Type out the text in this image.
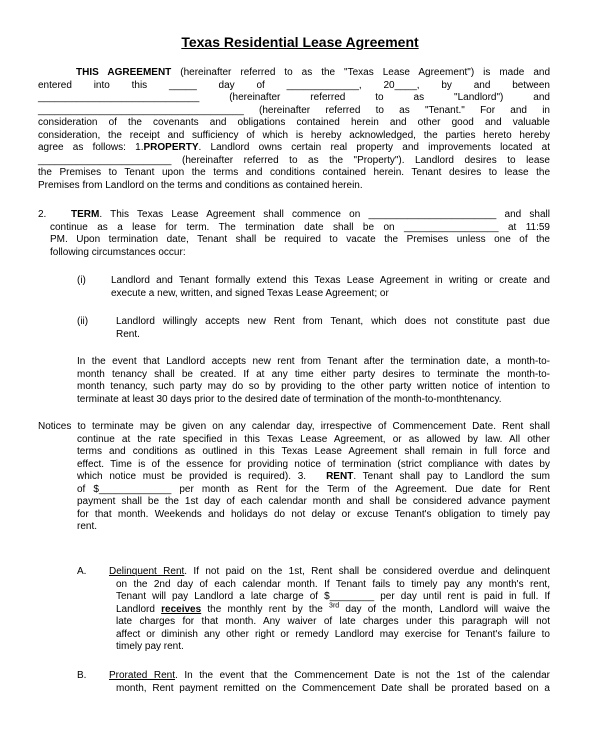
Texas Residential Lease Agreement
THIS AGREEMENT (hereinafter referred to as the "Texas Lease Agreement") is made and
entered into this _____ day of _____________, 20____, by and between
_____________________________ (hereinafter referred to as "Landlord") and
_____________________________________ (hereinafter referred to as "Tenant." For and in
consideration of the covenants and obligations contained herein and other good and valuable
consideration, the receipt and sufficiency of which is hereby acknowledged, the parties hereto hereby
agree as follows: 1.PROPERTY. Landlord owns certain real property and improvements located at
________________________ (hereinafter referred to as the "Property"). Landlord desires to lease
the Premises to Tenant upon the terms and conditions contained herein. Tenant desires to lease the
Premises from Landlord on the terms and conditions as contained herein.
2.	TERM. This Texas Lease Agreement shall commence on _______________________ and shall
continue as a lease for term. The termination date shall be on _________________ at 11:59
PM. Upon termination date, Tenant shall be required to vacate the Premises unless one of the
following circumstances occur:
(i)	Landlord and Tenant formally extend this Texas Lease Agreement in writing or create and
execute a new, written, and signed Texas Lease Agreement; or
(ii)	Landlord willingly accepts new Rent from Tenant, which does not constitute past due
Rent.
In the event that Landlord accepts new rent from Tenant after the termination date, a month-to-
month tenancy shall be created. If at any time either party desires to terminate the month-to-
month tenancy, such party may do so by providing to the other party written notice of intention to
terminate at least 30 days prior to the desired date of termination of the month-to-monthtenancy.
Notices to terminate may be given on any calendar day, irrespective of Commencement Date. Rent shall
continue at the rate specified in this Texas Lease Agreement, or as allowed by law. All other
terms and conditions as outlined in this Texas Lease Agreement shall remain in full force and
effect. Time is of the essence for providing notice of termination (strict compliance with dates by
which notice must be provided is required). 3. RENT. Tenant shall pay to Landlord the sum
of $_____________ per month as Rent for the Term of the Agreement. Due date for Rent
payment shall be the 1st day of each calendar month and shall be considered advance payment
for that month. Weekends and holidays do not delay or excuse Tenant's obligation to timely pay
rent.
A. Delinquent Rent. If not paid on the 1st, Rent shall be considered overdue and delinquent
on the 2nd day of each calendar month. If Tenant fails to timely pay any month's rent,
Tenant will pay Landlord a late charge of $________ per day until rent is paid in full. If
Landlord receives the monthly rent by the $^{3rd}$ day of the month, Landlord will waive the
late charges for that month. Any waiver of late charges under this paragraph will not
affect or diminish any other right or remedy Landlord may exercise for Tenant's failure to
timely pay rent.
B. Prorated Rent. In the event that the Commencement Date is not the 1st of the calendar
month, Rent payment remitted on the Commencement Date shall be prorated based on a
